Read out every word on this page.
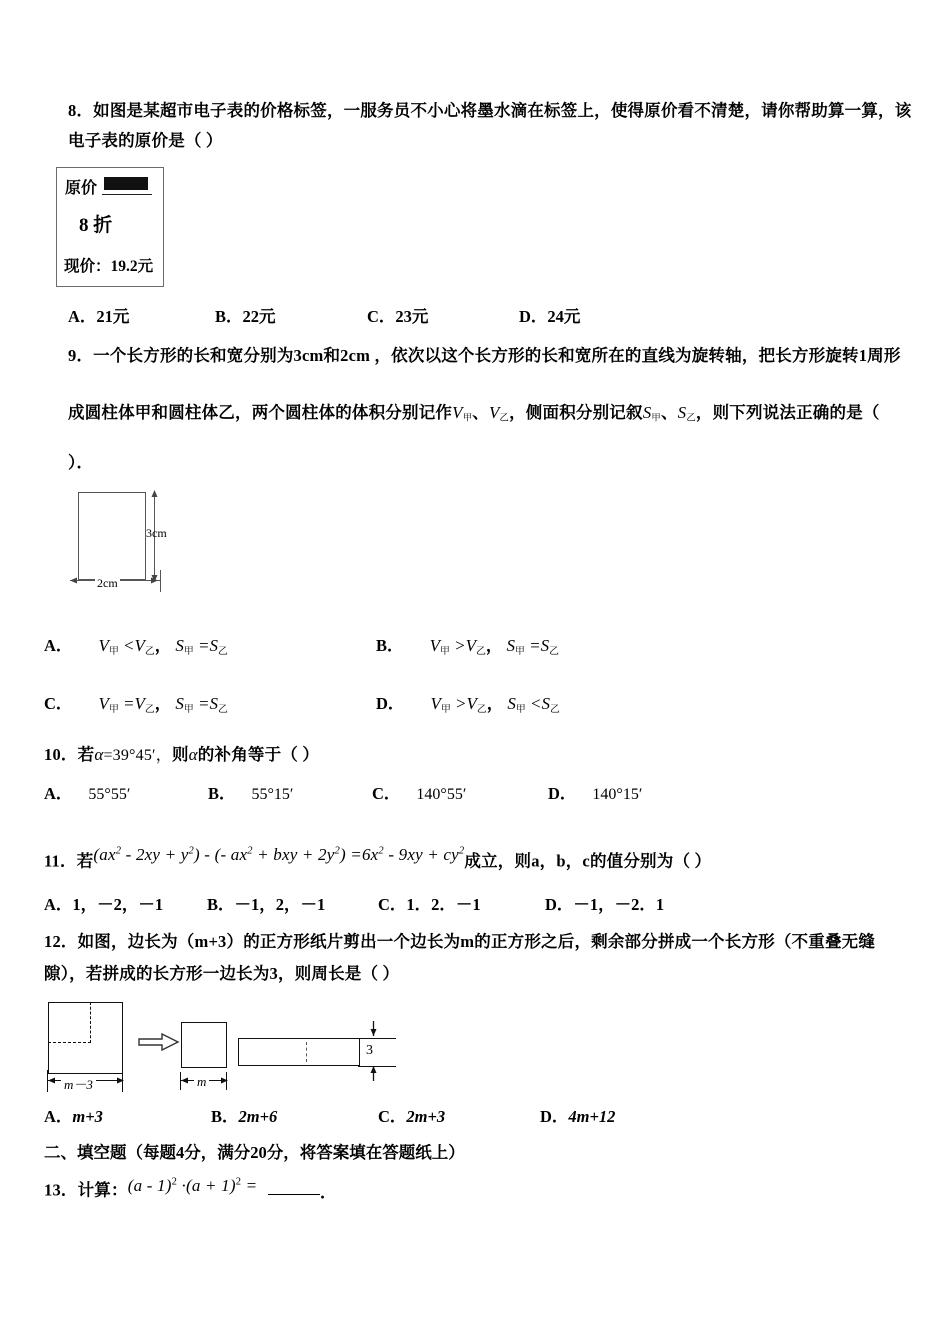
8．如图是某超市电子表的价格标签，一服务员不小心将墨水滴在标签上，使得原价看不清楚，请你帮助算一算，该
电子表的原价是（ ）
原价
8 折
现价：19.2元
A．21元	B．22元	C．23元	D．24元
9．一个长方形的长和宽分别为3cm和2cm ，依次以这个长方形的长和宽所在的直线为旋转轴，把长方形旋转1周形
成圆柱体甲和圆柱体乙，两个圆柱体的体积分别记作$V_甲$、$V_乙$，侧面积分别记叙$S_甲$、$S_乙$，则下列说法正确的是（
）．
3cm
2cm
A． $V_甲 <V_乙$， $S_甲 =S_乙$	B． $V_甲 >V_乙$， $S_甲 =S_乙$
C． $V_甲 =V_乙$， $S_甲 =S_乙$	D． $V_甲 >V_乙$， $S_甲 <S_乙$
10．若α=39°45′，则α的补角等于（ ）
A． 55°55′	B． 55°15′	C． 140°55′	D． 140°15′
11．若$(ax^2 - 2xy + y^2)$ - (- $ax^2$ + bxy + $2y^2) =6x^2 - 9xy + cy^2$成立，则a，b，c的值分别为（ ）
A．1，－2，－1	B．－1，2，－1	C．1．2．－1	D．－1，－2．1
12．如图，边长为（m+3）的正方形纸片剪出一个边长为m的正方形之后，剩余部分拼成一个长方形（不重叠无缝
隙），若拼成的长方形一边长为3，则周长是（ ）
m－3	m
3
A．m+3	B．2m+6	C．2m+3	D．4m+12
二、填空题（每题4分，满分20分，将答案填在答题纸上）
13．计算：$(a - 1)^2 \cdot(a + 1)^2$ =	．
